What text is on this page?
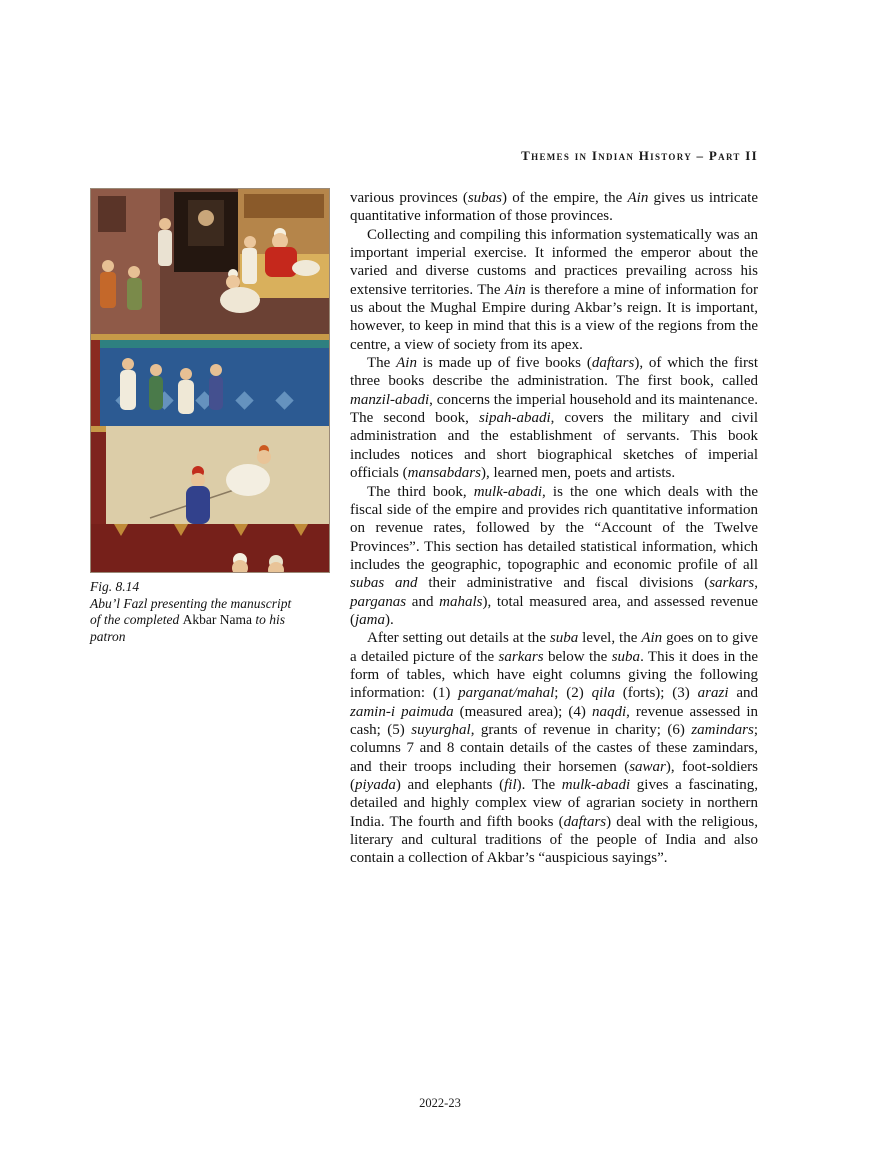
Themes in Indian History – Part II
Fig. 8.14
Abu’l Fazl presenting the manuscript of the completed Akbar Nama to his patron

various provinces (subas) of the empire, the Ain gives us intricate quantitative information of those provinces.

Collecting and compiling this information systematically was an important imperial exercise. It informed the emperor about the varied and diverse customs and practices prevailing across his extensive territories. The Ain is therefore a mine of information for us about the Mughal Empire during Akbar’s reign. It is important, however, to keep in mind that this is a view of the regions from the centre, a view of society from its apex.

The Ain is made up of five books (daftars), of which the first three books describe the administration. The first book, called manzil-abadi, concerns the imperial household and its maintenance. The second book, sipah-abadi, covers the military and civil administration and the establishment of servants. This book includes notices and short biographical sketches of imperial officials (mansabdars), learned men, poets and artists.

The third book, mulk-abadi, is the one which deals with the fiscal side of the empire and provides rich quantitative information on revenue rates, followed by the “Account of the Twelve Provinces”. This section has detailed statistical information, which includes the geographic, topographic and economic profile of all subas and their administrative and fiscal divisions (sarkars, parganas and mahals), total measured area, and assessed revenue (jama).

After setting out details at the suba level, the Ain goes on to give a detailed picture of the sarkars below the suba. This it does in the form of tables, which have eight columns giving the following information: (1) parganat/mahal; (2) qila (forts); (3) arazi and zamin-i paimuda (measured area); (4) naqdi, revenue assessed in cash; (5) suyurghal, grants of revenue in charity; (6) zamindars; columns 7 and 8 contain details of the castes of these zamindars, and their troops including their horsemen (sawar), foot-soldiers (piyada) and elephants (fil). The mulk-abadi gives a fascinating, detailed and highly complex view of agrarian society in northern India. The fourth and fifth books (daftars) deal with the religious, literary and cultural traditions of the people of India and also contain a collection of Akbar’s “auspicious sayings”.

2022-23
